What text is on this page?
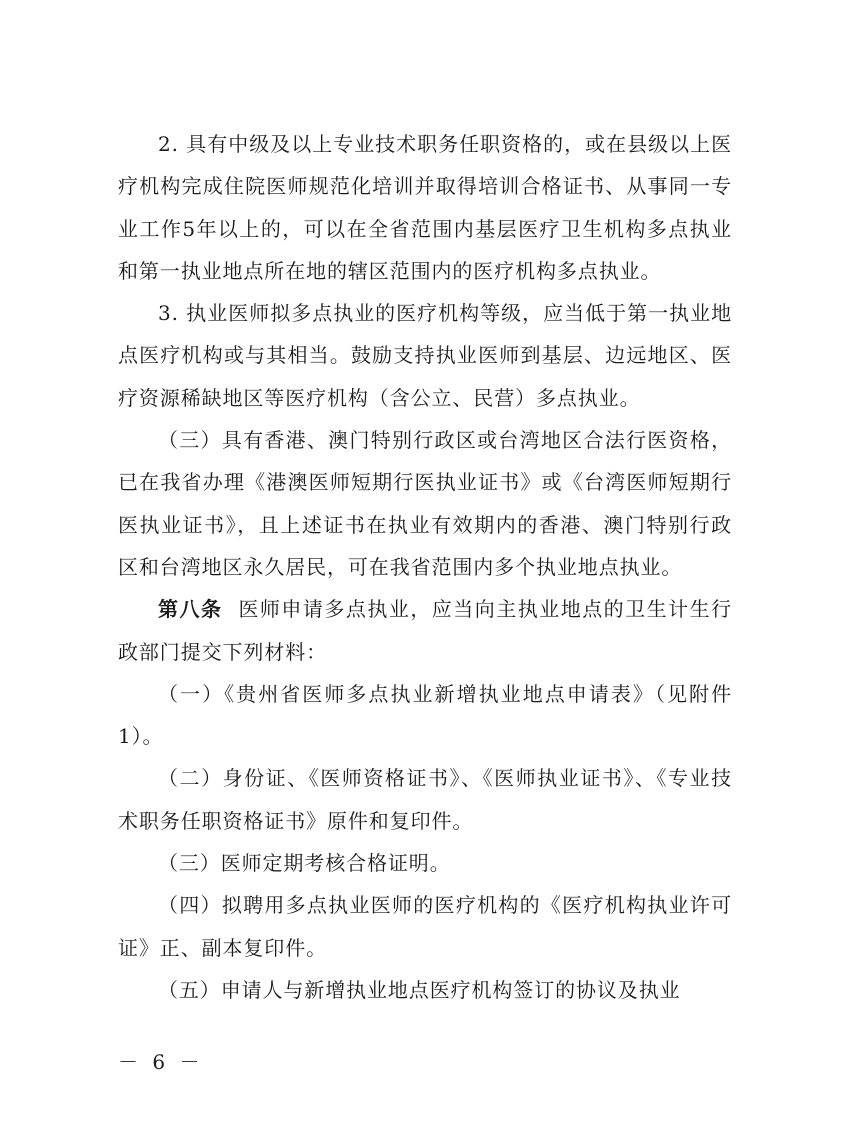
2. 具有中级及以上专业技术职务任职资格的，或在县级以上医疗机构完成住院医师规范化培训并取得培训合格证书、从事同一专业工作5年以上的，可以在全省范围内基层医疗卫生机构多点执业和第一执业地点所在地的辖区范围内的医疗机构多点执业。

3. 执业医师拟多点执业的医疗机构等级，应当低于第一执业地点医疗机构或与其相当。鼓励支持执业医师到基层、边远地区、医疗资源稀缺地区等医疗机构（含公立、民营）多点执业。

（三）具有香港、澳门特别行政区或台湾地区合法行医资格，已在我省办理《港澳医师短期行医执业证书》或《台湾医师短期行医执业证书》，且上述证书在执业有效期内的香港、澳门特别行政区和台湾地区永久居民，可在我省范围内多个执业地点执业。

第八条 医师申请多点执业，应当向主执业地点的卫生计生行政部门提交下列材料：

（一）《贵州省医师多点执业新增执业地点申请表》（见附件1）。

（二）身份证、《医师资格证书》、《医师执业证书》、《专业技术职务任职资格证书》原件和复印件。

（三）医师定期考核合格证明。

（四）拟聘用多点执业医师的医疗机构的《医疗机构执业许可证》正、副本复印件。

（五）申请人与新增执业地点医疗机构签订的协议及执业

－ 6 －
